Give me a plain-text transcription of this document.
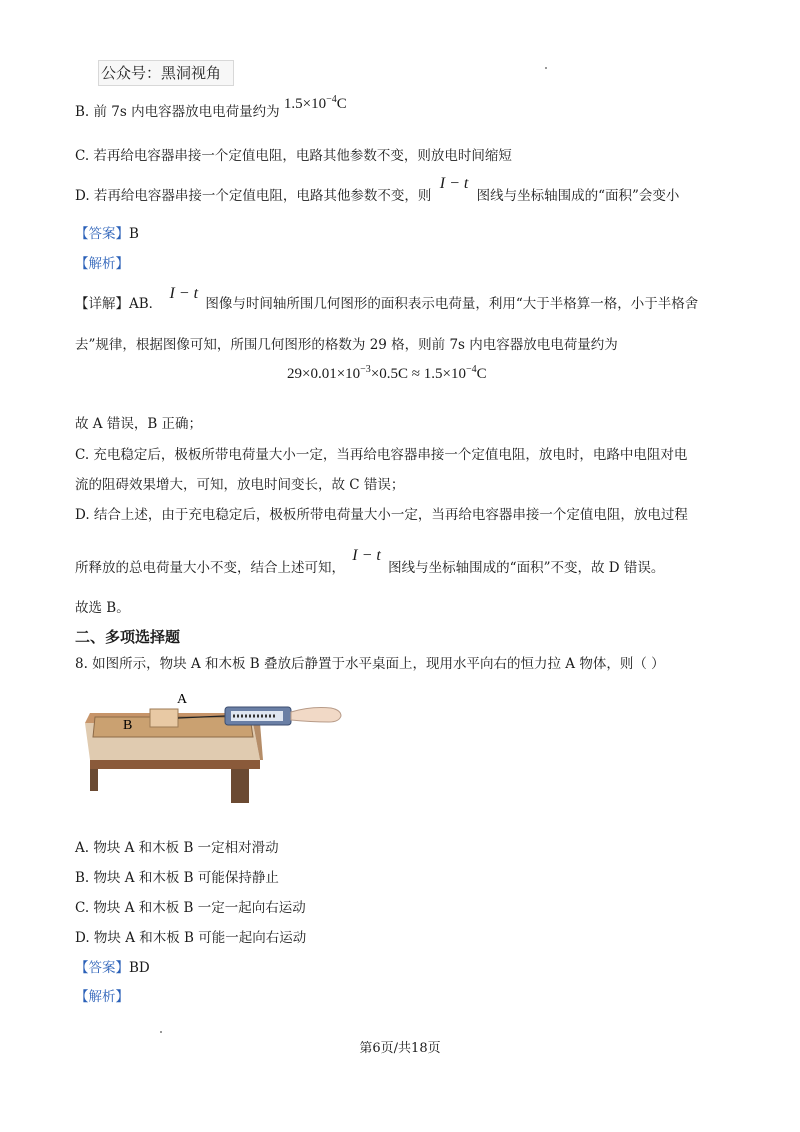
公众号：黑洞视角
B. 前 7s 内电容器放电电荷量约为 $1.5\times 10^{-4}C$
C. 若再给电容器串接一个定值电阻，电路其他参数不变，则放电时间缩短
D. 若再给电容器串接一个定值电阻，电路其他参数不变，则 I − t 图线与坐标轴围成的“面积”会变小
【答案】B
【解析】
【详解】AB． I − t 图像与时间轴所围几何图形的面积表示电荷量，利用“大于半格算一格，小于半格舍
去”规律，根据图像可知，所围几何图形的格数为 29 格，则前 7s 内电容器放电电荷量约为
$29\times 0.01\times 10^{-3}\times 0.5C \approx 1.5\times 10^{-4}C$
故 A 错误，B 正确；
C. 充电稳定后，极板所带电荷量大小一定，当再给电容器串接一个定值电阻，放电时，电路中电阻对电
流的阻碍效果增大，可知，放电时间变长，故 C 错误；
D. 结合上述，由于充电稳定后，极板所带电荷量大小一定，当再给电容器串接一个定值电阻，放电过程
所释放的总电荷量大小不变，结合上述可知， I − t 图线与坐标轴围成的“面积”不变，故 D 错误。
故选 B。
二、多项选择题
8. 如图所示，物块 A 和木板 B 叠放后静置于水平桌面上，现用水平向右的恒力拉 A 物体，则（ ）
A
B
A. 物块 A 和木板 B 一定相对滑动
B. 物块 A 和木板 B 可能保持静止
C. 物块 A 和木板 B 一定一起向右运动
D. 物块 A 和木板 B 可能一起向右运动
【答案】BD
【解析】
第6页/共18页
